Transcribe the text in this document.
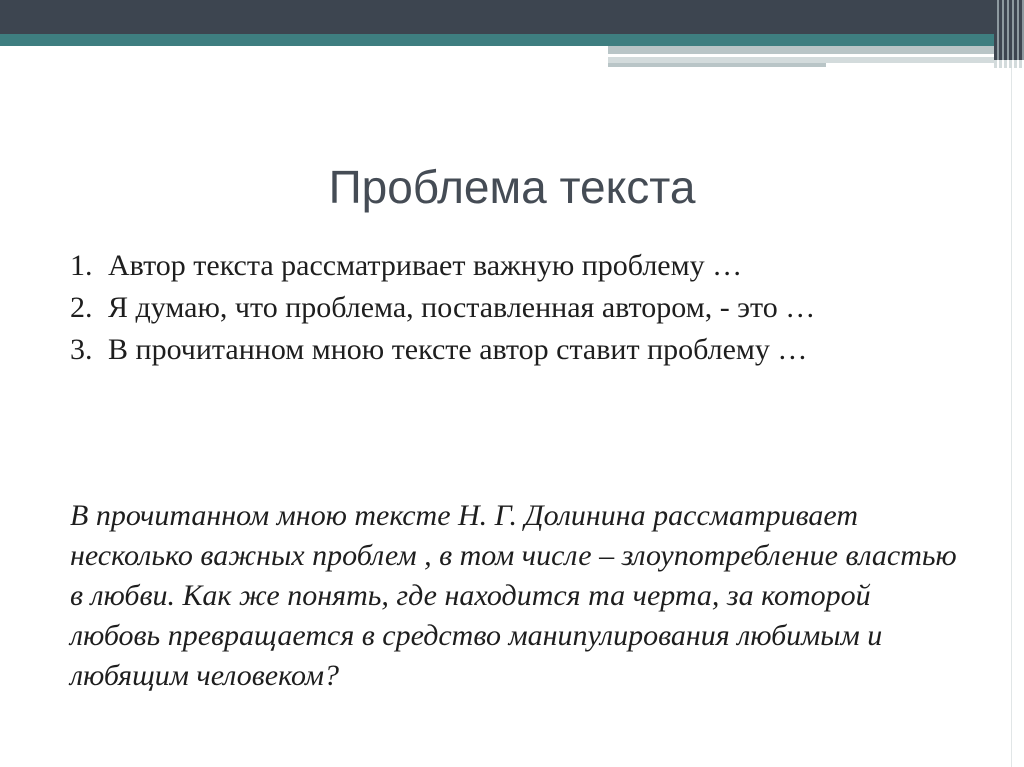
Проблема текста
1. Автор текста рассматривает важную проблему …
2. Я думаю, что проблема, поставленная автором, - это …
3. В прочитанном мною тексте автор ставит проблему …

В прочитанном мною тексте Н. Г. Долинина рассматривает несколько важных проблем , в том числе – злоупотребление властью в любви. Как же понять, где находится та черта, за которой любовь превращается в средство манипулирования любимым и любящим человеком?
